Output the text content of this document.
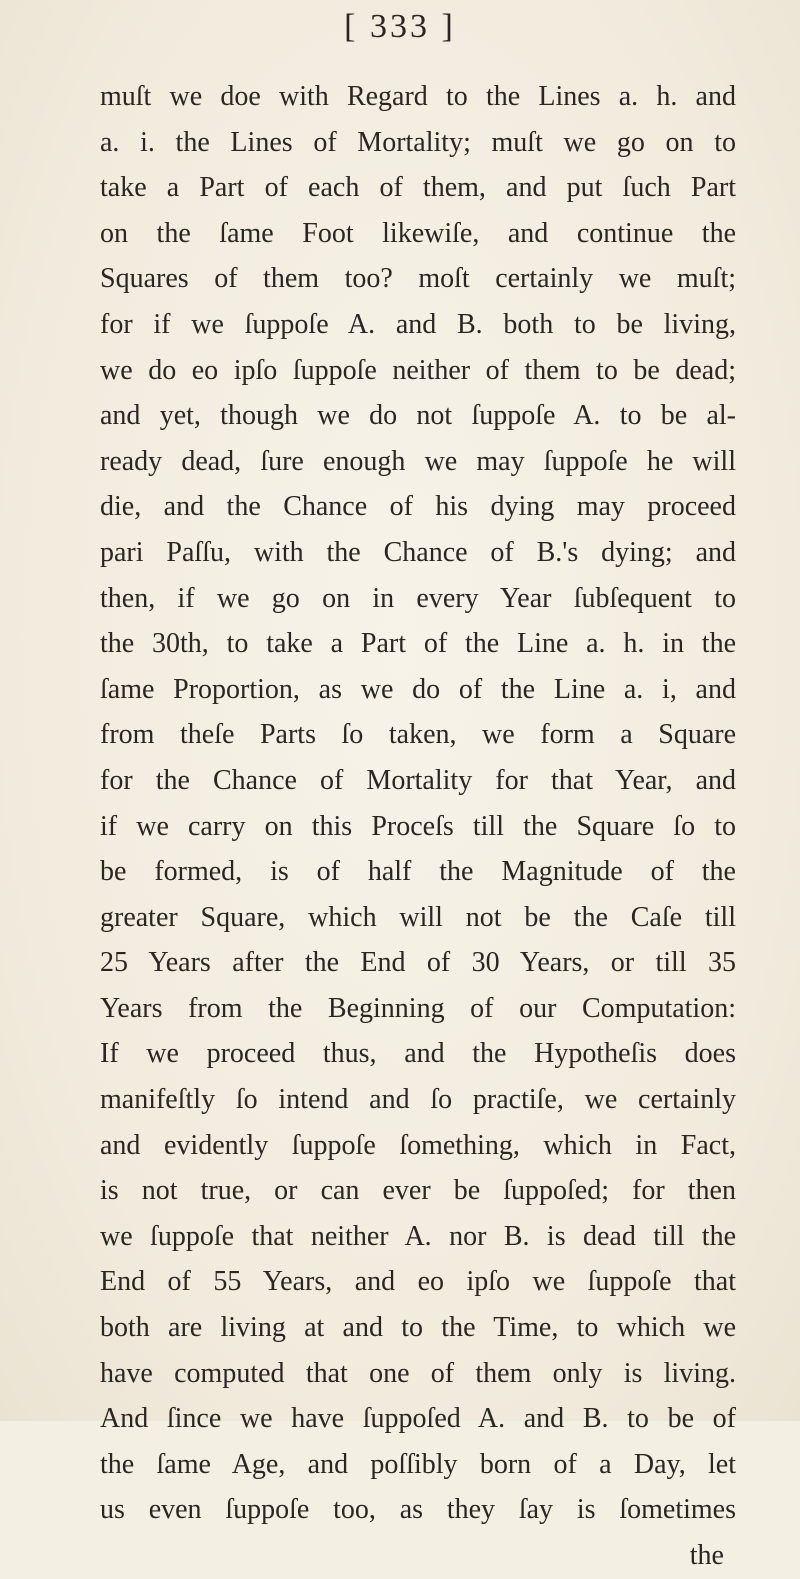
[ 333 ]
muſt we doe with Regard to the Lines a. h. and
a. i. the Lines of Mortality; muſt we go on to
take a Part of each of them, and put ſuch Part
on the ſame Foot likewiſe, and continue the
Squares of them too? moſt certainly we muſt;
for if we ſuppoſe A. and B. both to be living,
we do eo ipſo ſuppoſe neither of them to be dead;
and yet, though we do not ſuppoſe A. to be al-
ready dead, ſure enough we may ſuppoſe he will
die, and the Chance of his dying may proceed
pari Paſſu, with the Chance of B.'s dying; and
then, if we go on in every Year ſubſequent to
the 30th, to take a Part of the Line a. h. in the
ſame Proportion, as we do of the Line a. i, and
from theſe Parts ſo taken, we form a Square
for the Chance of Mortality for that Year, and
if we carry on this Proceſs till the Square ſo to
be formed, is of half the Magnitude of the
greater Square, which will not be the Caſe till
25 Years after the End of 30 Years, or till 35
Years from the Beginning of our Computation:
If we proceed thus, and the Hypotheſis does
manifeſtly ſo intend and ſo practiſe, we certainly
and evidently ſuppoſe ſomething, which in Fact,
is not true, or can ever be ſuppoſed; for then
we ſuppoſe that neither A. nor B. is dead till the
End of 55 Years, and eo ipſo we ſuppoſe that
both are living at and to the Time, to which we
have computed that one of them only is living.
And ſince we have ſuppoſed A. and B. to be of
the ſame Age, and poſſibly born of a Day, let
us even ſuppoſe too, as they ſay is ſometimes
the
